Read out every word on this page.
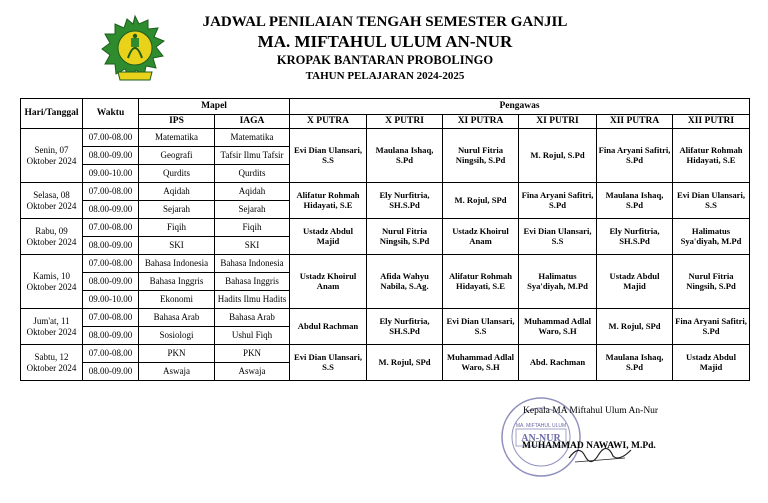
JADWAL PENILAIAN TENGAH SEMESTER GANJIL
MA. MIFTAHUL ULUM AN-NUR
KROPAK BANTARAN PROBOLINGO
TAHUN PELAJARAN 2024-2025
Hari/Tanggal	Waktu	Mapel		Pengawas					
		IPS	IAGA	X PUTRA	X PUTRI	XI PUTRA	XI PUTRI	XII PUTRA	XII PUTRI
Senin, 07 Oktober 2024	07.00-08.00	Matematika	Matematika	Evi Dian Ulansari, S.S	Maulana Ishaq, S.Pd	Nurul Fitria Ningsih, S.Pd	M. Rojul, S.Pd	Fina Aryani Safitri, S.Pd	Alifatur Rohmah Hidayati, S.E
	08.00-09.00	Geografi	Tafsir Ilmu Tafsir						
	09.00-10.00	Qurdits	Qurdits						
Selasa, 08 Oktober 2024	07.00-08.00	Aqidah	Aqidah	Alifatur Rohmah Hidayati, S.E	Ely Nurfitria, SH.S.Pd	M. Rojul, SPd	Fina Aryani Safitri, S.Pd	Maulana Ishaq, S.Pd	Evi Dian Ulansari, S.S
	08.00-09.00	Sejarah	Sejarah						
Rabu, 09 Oktober 2024	07.00-08.00	Fiqih	Fiqih	Ustadz Abdul Majid	Nurul Fitria Ningsih, S.Pd	Ustadz Khoirul Anam	Evi Dian Ulansari, S.S	Ely Nurfitria, SH.S.Pd	Halimatus Sya'diyah, M.Pd
	08.00-09.00	SKI	SKI						
Kamis, 10 Oktober 2024	07.00-08.00	Bahasa Indonesia	Bahasa Indonesia	Ustadz Khoirul Anam	Afida Wahyu Nabila, S.Ag.	Alifatur Rohmah Hidayati, S.E	Halimatus Sya'diyah, M.Pd	Ustadz Abdul Majid	Nurul Fitria Ningsih, S.Pd
	08.00-09.00	Bahasa Inggris	Bahasa Inggris						
	09.00-10.00	Ekonomi	Hadits Ilmu Hadits						
Jum'at, 11 Oktober 2024	07.00-08.00	Bahasa Arab	Bahasa Arab	Abdul Rachman	Ely Nurfitria, SH.S.Pd	Evi Dian Ulansari, S.S	Muhammad Adlal Waro, S.H	M. Rojul, SPd	Fina Aryani Safitri, S.Pd
	08.00-09.00	Sosiologi	Ushul Fiqh						
Sabtu, 12 Oktober 2024	07.00-08.00	PKN	PKN	Evi Dian Ulansari, S.S	M. Rojul, SPd	Muhammad Adlal Waro, S.H	Abd. Rachman	Maulana Ishaq, S.Pd	Ustadz Abdul Majid
	08.00-09.00	Aswaja	Aswaja						
MA. MIFTAHUL ULUM
AN-NUR
Kepala MA Miftahul Ulum An-Nur
MUHAMMAD NAWAWI, M.Pd.
